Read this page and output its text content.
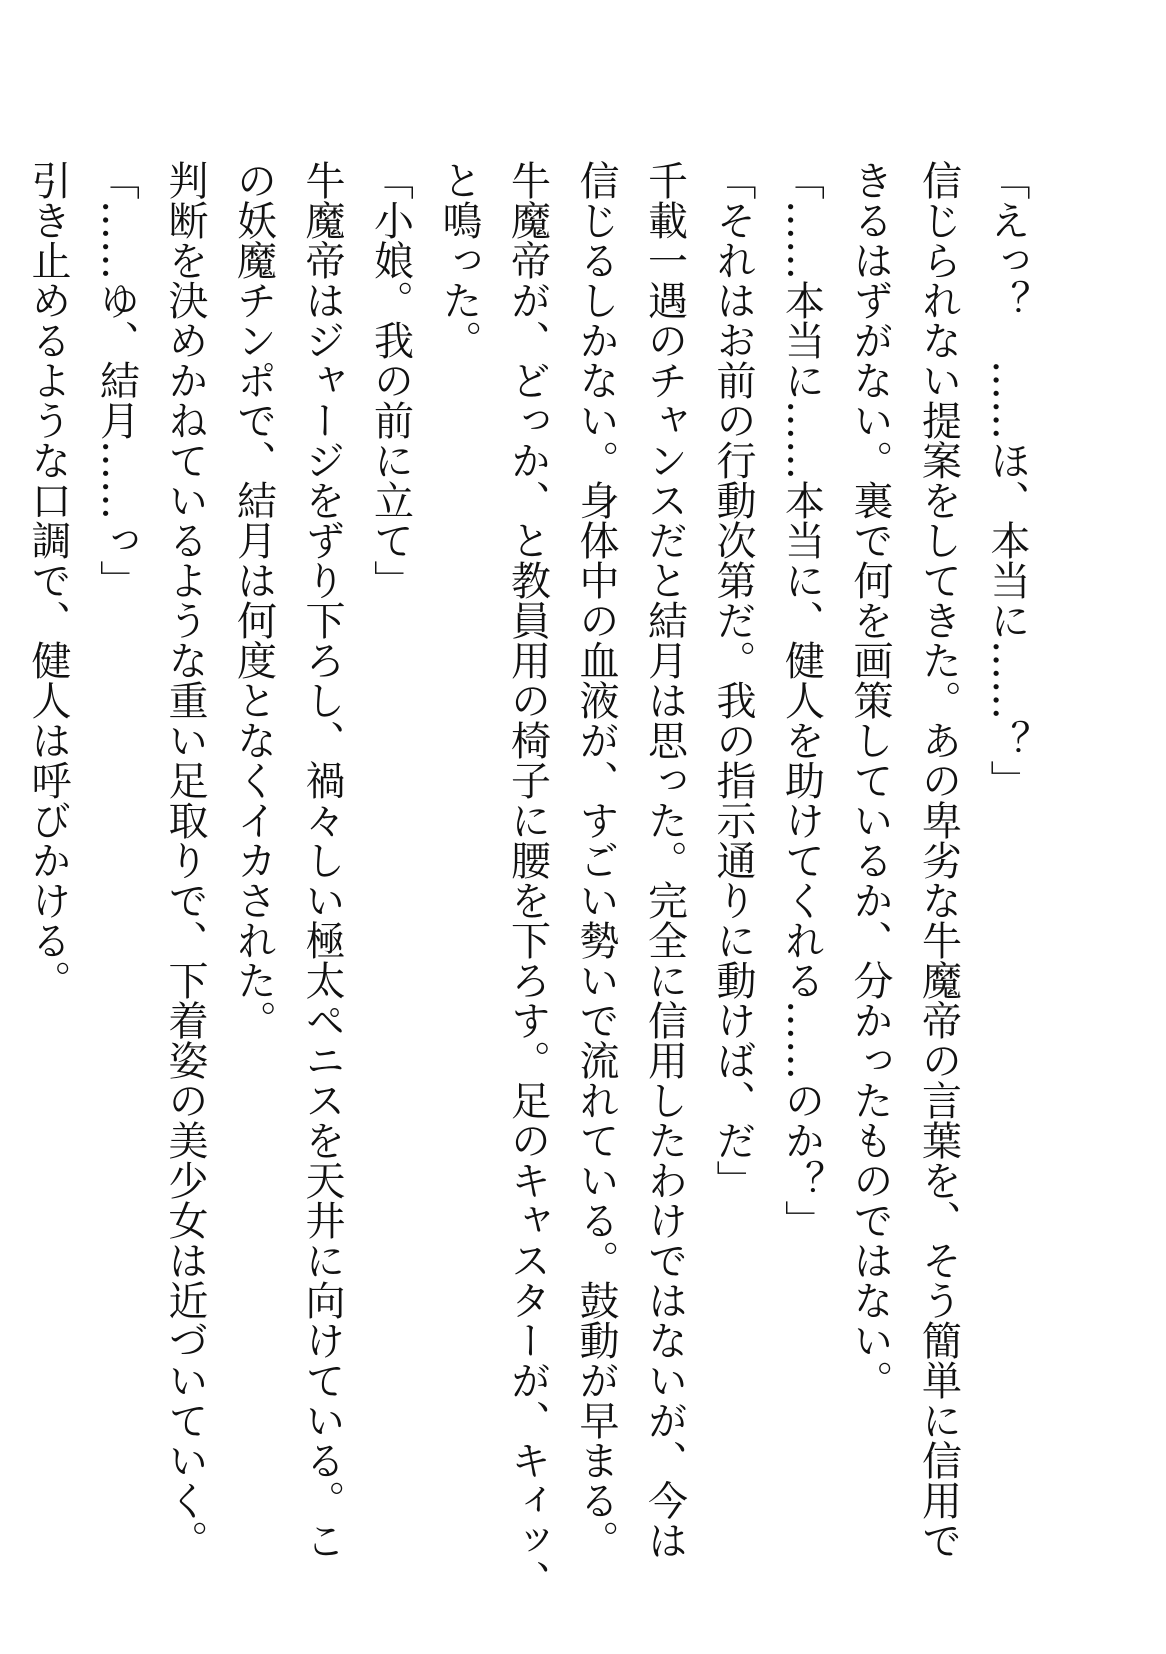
「えっ？　……ほ、本当に……？」

信じられない提案をしてきた。あの卑劣な牛魔帝の言葉を、そう簡単に信用で

きるはずがない。裏で何を画策しているか、分かったものではない。

「……本当に……本当に、健人を助けてくれる……のか？」

「それはお前の行動次第だ。我の指示通りに動けば、だ」

千載一遇のチャンスだと結月は思った。完全に信用したわけではないが、今は

信じるしかない。身体中の血液が、すごい勢いで流れている。鼓動が早まる。

牛魔帝が、どっか、と教員用の椅子に腰を下ろす。足のキャスターが、キィッ、

と鳴った。

「小娘。我の前に立て」

牛魔帝はジャージをずり下ろし、禍々しい極太ペニスを天井に向けている。こ

の妖魔チンポで、結月は何度となくイカされた。

判断を決めかねているような重い足取りで、下着姿の美少女は近づいていく。

「……ゆ、結月……っ」

引き止めるような口調で、健人は呼びかける。
